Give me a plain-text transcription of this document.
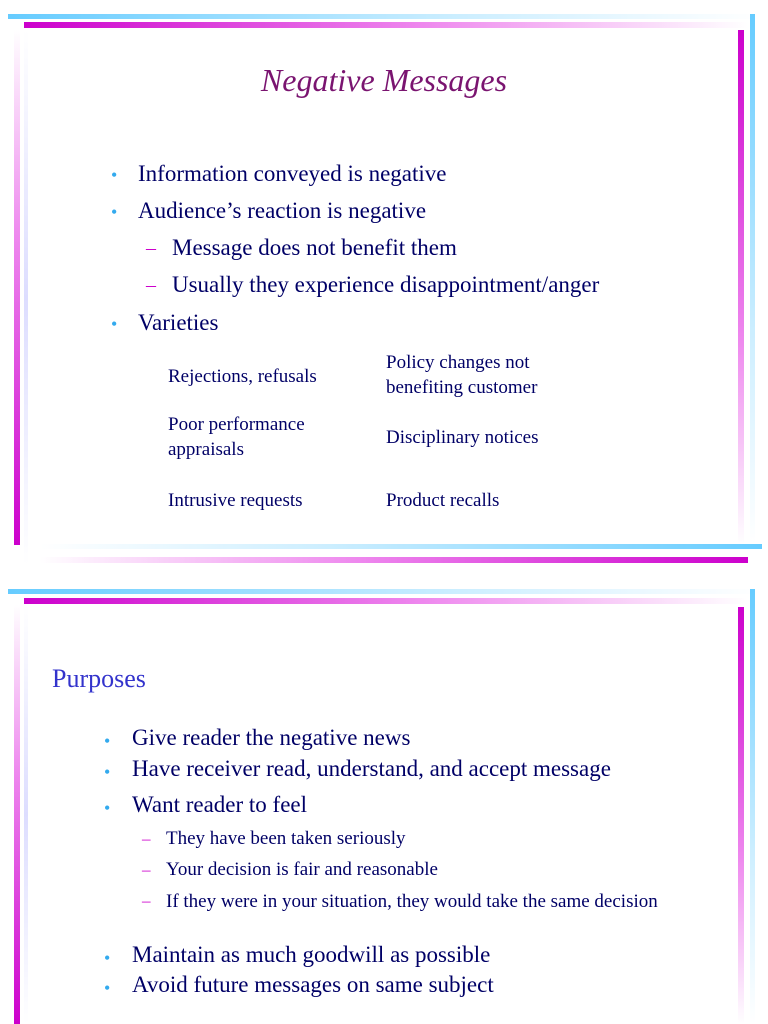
Negative Messages
• Information conveyed is negative
• Audience’s reaction is negative
– Message does not benefit them
– Usually they experience disappointment/anger
• Varieties
Rejections, refusals
Policy changes not benefiting customer
Poor performance appraisals
Disciplinary notices
Intrusive requests	Product recalls
Purposes
• Give reader the negative news
• Have receiver read, understand, and accept message
• Want reader to feel
– They have been taken seriously
– Your decision is fair and reasonable
– If they were in your situation, they would take the same decision
• Maintain as much goodwill as possible
• Avoid future messages on same subject
